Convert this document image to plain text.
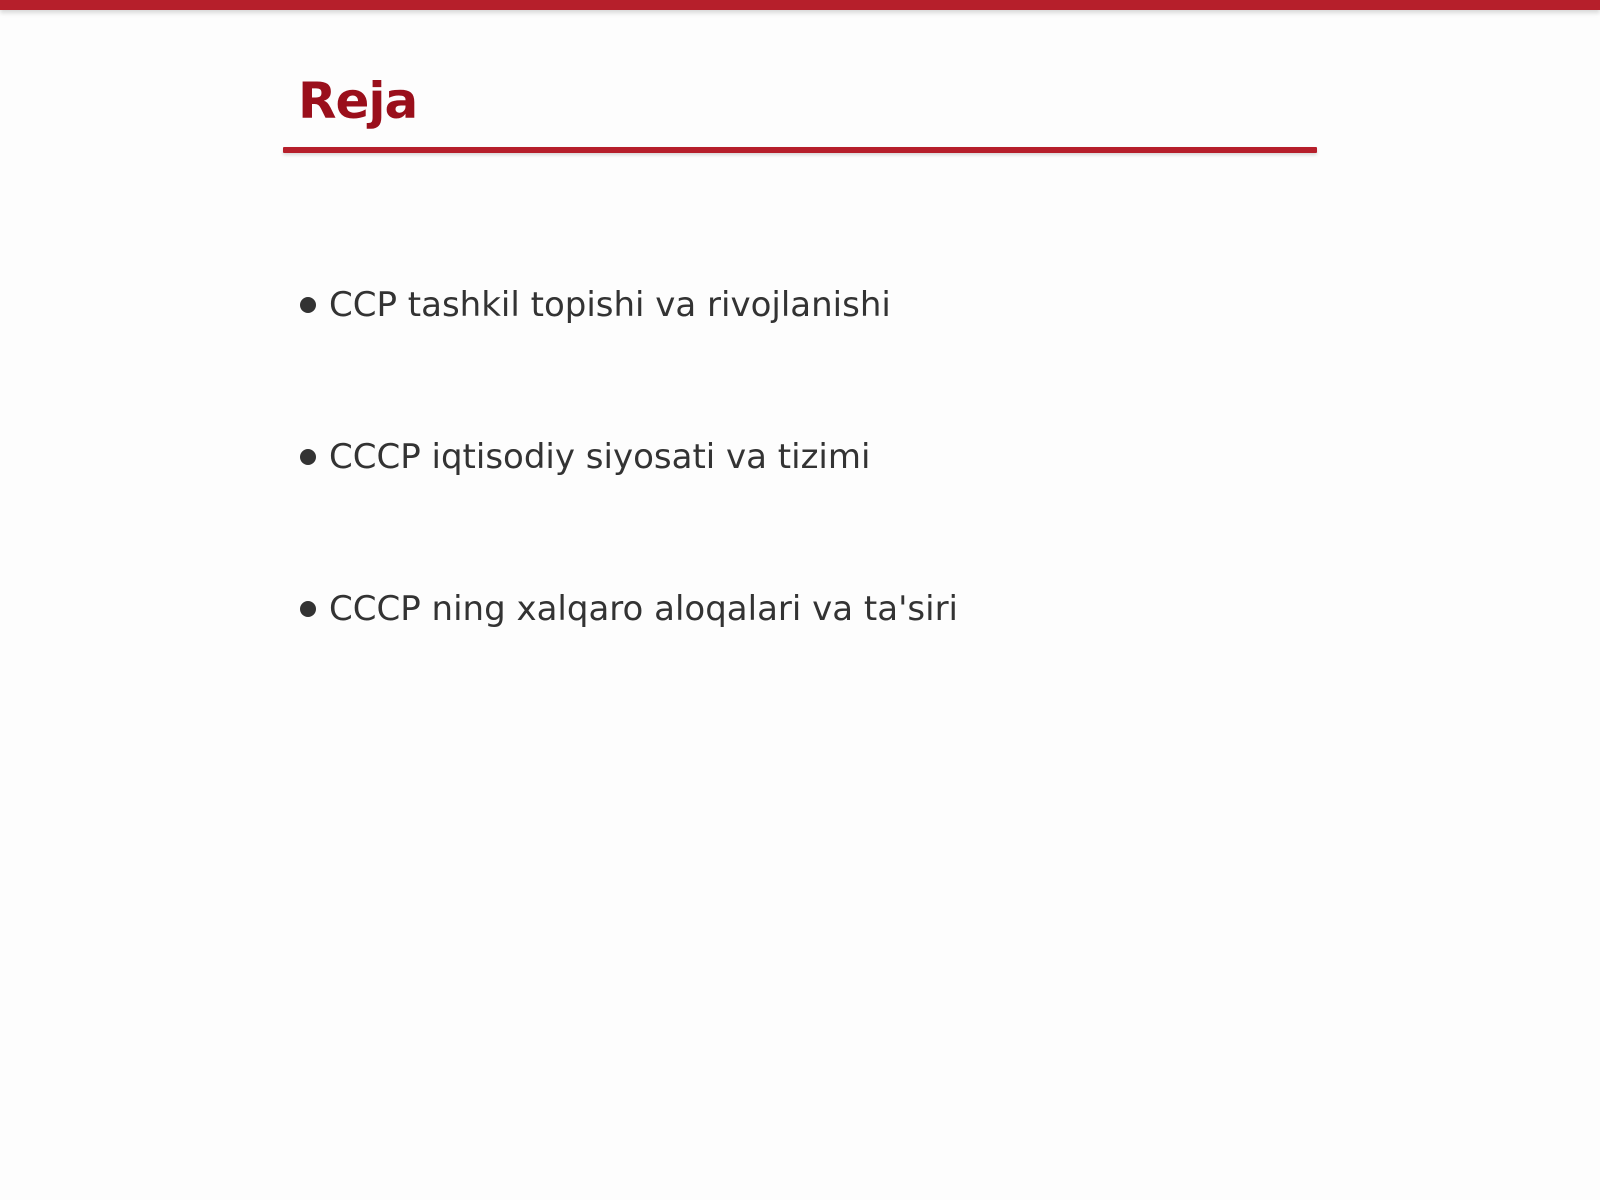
Reja
CCP tashkil topishi va rivojlanishi
CCCP iqtisodiy siyosati va tizimi
CCCP ning xalqaro aloqalari va ta'siri
